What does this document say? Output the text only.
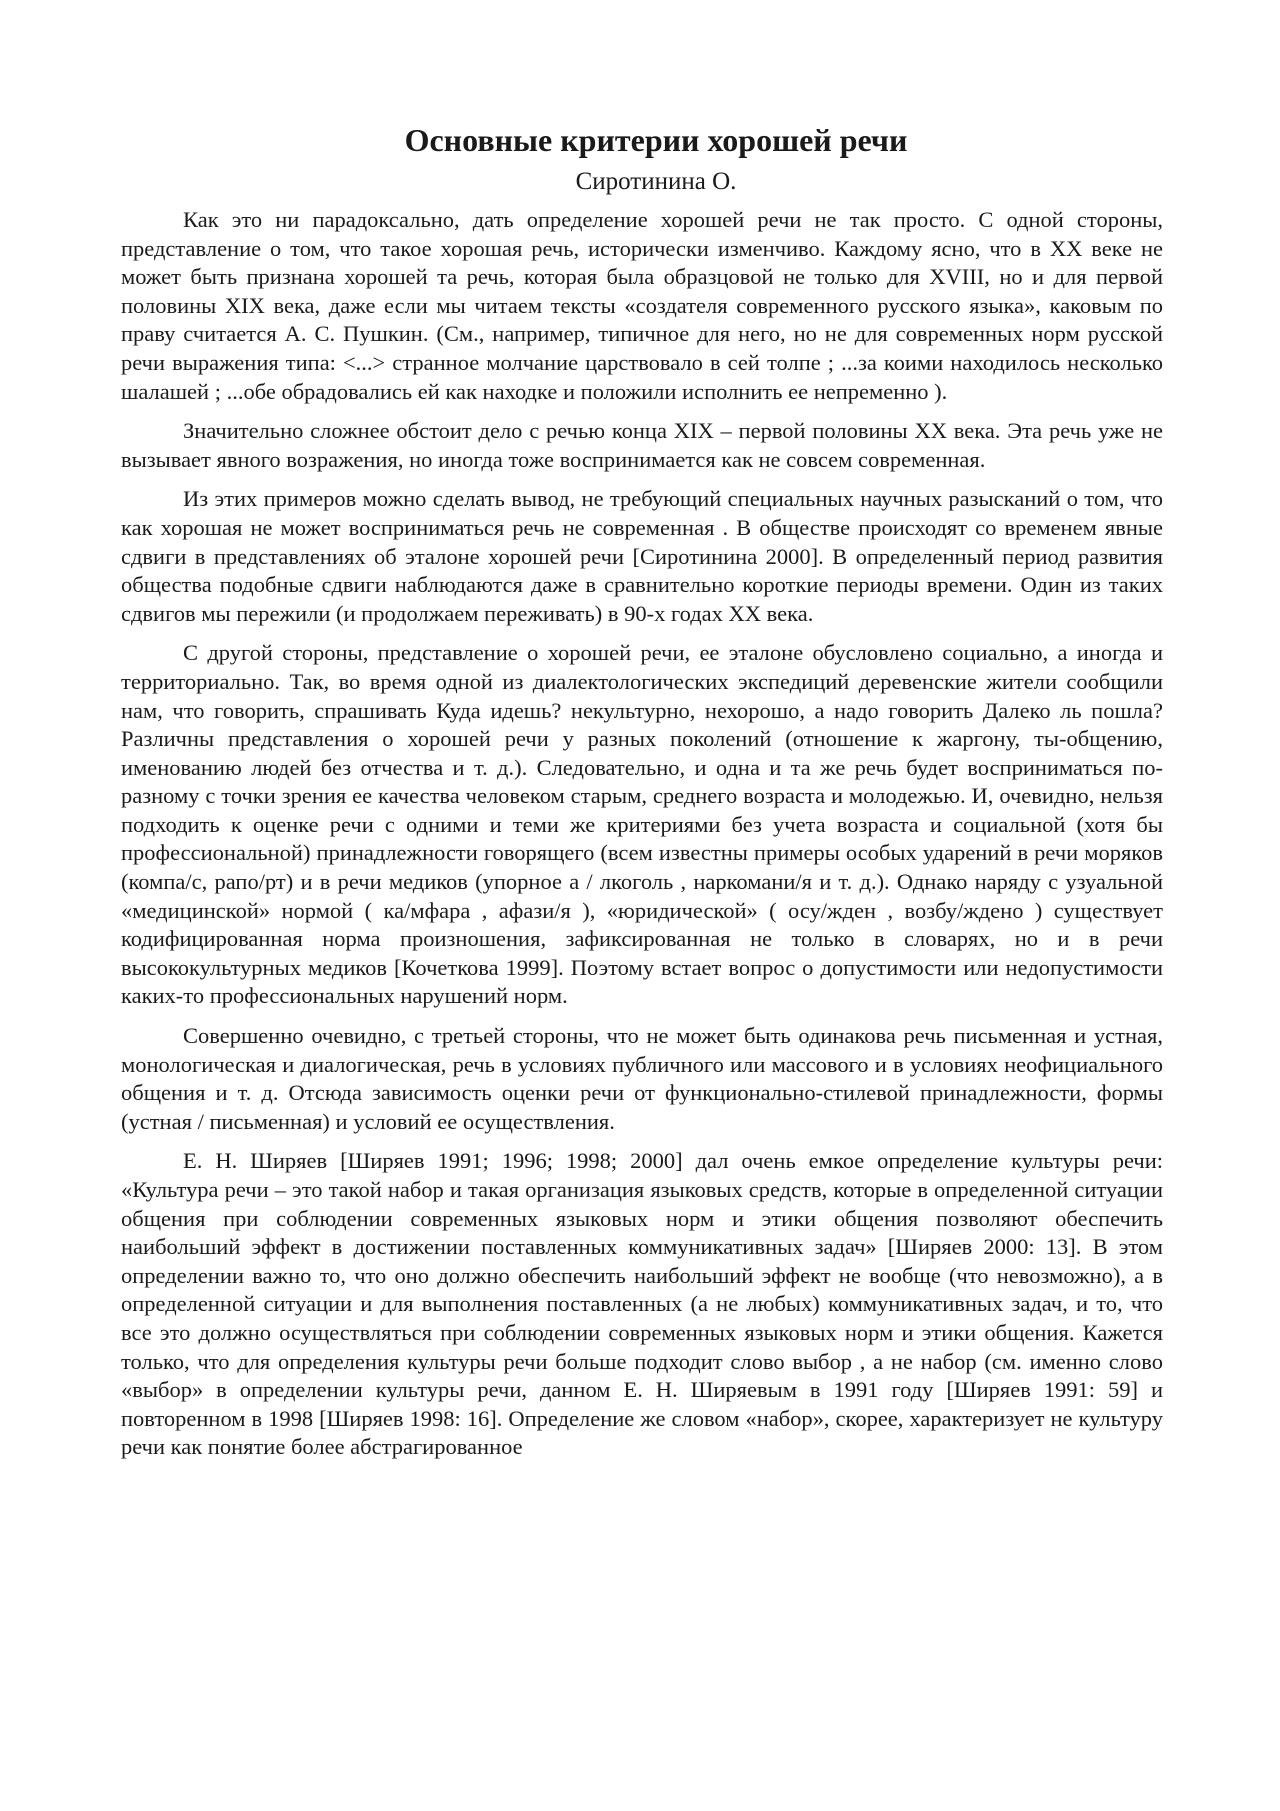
Основные критерии хорошей речи
Сиротинина О.

Как это ни парадоксально, дать определение хорошей речи не так просто. С одной стороны, представление о том, что такое хорошая речь, исторически изменчиво. Каждому ясно, что в XX веке не может быть признана хорошей та речь, которая была образцовой не только для XVIII, но и для первой половины XIX века, даже если мы читаем тексты «создателя современного русского языка», каковым по праву считается А. С. Пушкин. (См., например, типичное для него, но не для современных норм русской речи выражения типа: <...> странное молчание царствовало в сей толпе ; ...за коими находилось несколько шалашей ; ...обе обрадовались ей как находке и положили исполнить ее непременно ).

Значительно сложнее обстоит дело с речью конца XIX – первой половины XX века. Эта речь уже не вызывает явного возражения, но иногда тоже воспринимается как не совсем современная.

Из этих примеров можно сделать вывод, не требующий специальных научных разысканий о том, что как хорошая не может восприниматься речь не современная . В обществе происходят со временем явные сдвиги в представлениях об эталоне хорошей речи [Сиротинина 2000]. В определенный период развития общества подобные сдвиги наблюдаются даже в сравнительно короткие периоды времени. Один из таких сдвигов мы пережили (и продолжаем переживать) в 90-х годах XX века.

С другой стороны, представление о хорошей речи, ее эталоне обусловлено социально, а иногда и территориально. Так, во время одной из диалектологических экспедиций деревенские жители сообщили нам, что говорить, спрашивать Куда идешь? некультурно, нехорошо, а надо говорить Далеко ль пошла? Различны представления о хорошей речи у разных поколений (отношение к жаргону, ты-общению, именованию людей без отчества и т. д.). Следовательно, и одна и та же речь будет восприниматься по-разному с точки зрения ее качества человеком старым, среднего возраста и молодежью. И, очевидно, нельзя подходить к оценке речи с одними и теми же критериями без учета возраста и социальной (хотя бы профессиональной) принадлежности говорящего (всем известны примеры особых ударений в речи моряков (компа/с, рапо/рт) и в речи медиков (упорное а / лкоголь , наркомани/я и т. д.). Однако наряду с узуальной «медицинской» нормой ( ка/мфара , афази/я ), «юридической» ( осу/жден , возбу/ждено ) существует кодифицированная норма произношения, зафиксированная не только в словарях, но и в речи высококультурных медиков [Кочеткова 1999]. Поэтому встает вопрос о допустимости или недопустимости каких-то профессиональных нарушений норм.

Совершенно очевидно, с третьей стороны, что не может быть одинакова речь письменная и устная, монологическая и диалогическая, речь в условиях публичного или массового и в условиях неофициального общения и т. д. Отсюда зависимость оценки речи от функционально-стилевой принадлежности, формы (устная / письменная) и условий ее осуществления.

Е. Н. Ширяев [Ширяев 1991; 1996; 1998; 2000] дал очень емкое определение культуры речи: «Культура речи – это такой набор и такая организация языковых средств, которые в определенной ситуации общения при соблюдении современных языковых норм и этики общения позволяют обеспечить наибольший эффект в достижении поставленных коммуникативных задач» [Ширяев 2000: 13]. В этом определении важно то, что оно должно обеспечить наибольший эффект не вообще (что невозможно), а в определенной ситуации и для выполнения поставленных (а не любых) коммуникативных задач, и то, что все это должно осуществляться при соблюдении современных языковых норм и этики общения. Кажется только, что для определения культуры речи больше подходит слово выбор , а не набор (см. именно слово «выбор» в определении культуры речи, данном Е. Н. Ширяевым в 1991 году [Ширяев 1991: 59] и повторенном в 1998 [Ширяев 1998: 16]. Определение же словом «набор», скорее, характеризует не культуру речи как понятие более абстрагированное
